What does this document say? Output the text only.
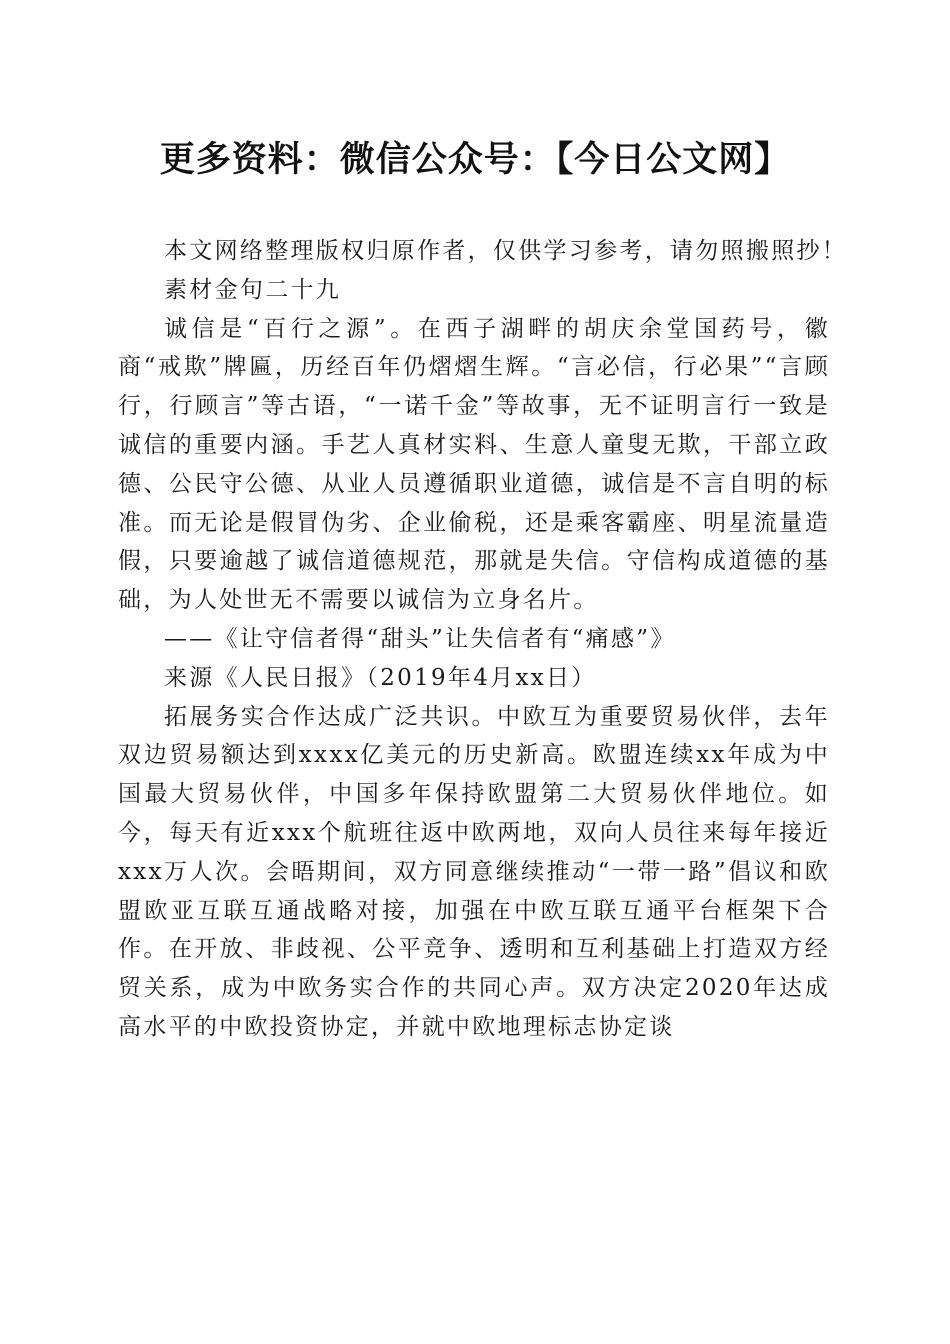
更多资料：微信公众号：【今日公文网】

本文网络整理版权归原作者，仅供学习参考，请勿照搬照抄！

素材金句二十九

诚信是“百行之源”。在西子湖畔的胡庆余堂国药号，徽商“戒欺”牌匾，历经百年仍熠熠生辉。“言必信，行必果”“言顾行，行顾言”等古语，“一诺千金”等故事，无不证明言行一致是诚信的重要内涵。手艺人真材实料、生意人童叟无欺，干部立政德、公民守公德、从业人员遵循职业道德，诚信是不言自明的标准。而无论是假冒伪劣、企业偷税，还是乘客霸座、明星流量造假，只要逾越了诚信道德规范，那就是失信。守信构成道德的基础，为人处世无不需要以诚信为立身名片。

——《让守信者得“甜头”让失信者有“痛感”》

来源《人民日报》（2019年4月xx日）

拓展务实合作达成广泛共识。中欧互为重要贸易伙伴，去年双边贸易额达到xxxx亿美元的历史新高。欧盟连续xx年成为中国最大贸易伙伴，中国多年保持欧盟第二大贸易伙伴地位。如今，每天有近xxx个航班往返中欧两地，双向人员往来每年接近xxx万人次。会晤期间，双方同意继续推动“一带一路”倡议和欧盟欧亚互联互通战略对接，加强在中欧互联互通平台框架下合作。在开放、非歧视、公平竞争、透明和互利基础上打造双方经贸关系，成为中欧务实合作的共同心声。双方决定2020年达成高水平的中欧投资协定，并就中欧地理标志协定谈
